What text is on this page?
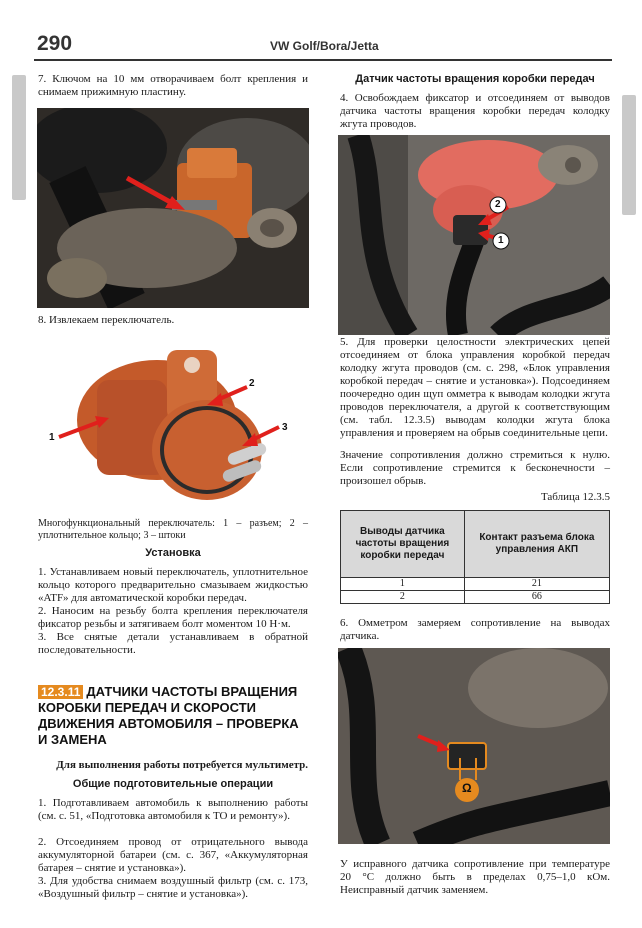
290	VW Golf/Bora/Jetta
7. Ключом на 10 мм отворачиваем болт крепления и снимаем прижимную пластину.
8. Извлекаем переключатель.
1
2
3
Многофункциональный переключатель: 1 – разъем; 2 – уплотнительное кольцо; 3 – штоки
Установка
1. Устанавливаем новый переключатель, уплотнительное кольцо которого предварительно смазываем жидкостью «ATF» для автоматической коробки передач.
2. Наносим на резьбу болта крепления переключателя фиксатор резьбы и затягиваем болт моментом 10 Н·м.
3. Все снятые детали устанавливаем в обратной последовательности.
12.3.11 ДАТЧИКИ ЧАСТОТЫ ВРАЩЕНИЯ КОРОБКИ ПЕРЕДАЧ И СКОРОСТИ ДВИЖЕНИЯ АВТОМОБИЛЯ – ПРОВЕРКА И ЗАМЕНА
Для выполнения работы потребуется мультиметр.
Общие подготовительные операции
1. Подготавливаем автомобиль к выполнению работы (см. с. 51, «Подготовка автомобиля к ТО и ремонту»).
2. Отсоединяем провод от отрицательного вывода аккумуляторной батареи (см. с. 367, «Аккумуляторная батарея – снятие и установка»).
3. Для удобства снимаем воздушный фильтр (см. с. 173, «Воздушный фильтр – снятие и установка»).
Датчик частоты вращения коробки передач
4. Освобождаем фиксатор и отсоединяем от выводов датчика частоты вращения коробки передач колодку жгута проводов.
2
1
5. Для проверки целостности электрических цепей отсоединяем от блока управления коробкой передач колодку жгута проводов (см. с. 298, «Блок управления коробкой передач – снятие и установка»). Подсоединяем поочередно один щуп омметра к выводам колодки жгута проводов переключателя, а другой к соответствующим (см. табл. 12.3.5) выводам колодки жгута блока управления и проверяем на обрыв соединительные цепи.
Значение сопротивления должно стремиться к нулю. Если сопротивление стремится к бесконечности – произошел обрыв.
Таблица 12.3.5
Выводы датчика частоты вращения коробки передач	Контакт разъема блока управления АКП
1	21
2	66
6. Омметром замеряем сопротивление на выводах датчика.
Ω
У исправного датчика сопротивление при температуре 20 °С должно быть в пределах 0,75–1,0 кОм. Неисправный датчик заменяем.
